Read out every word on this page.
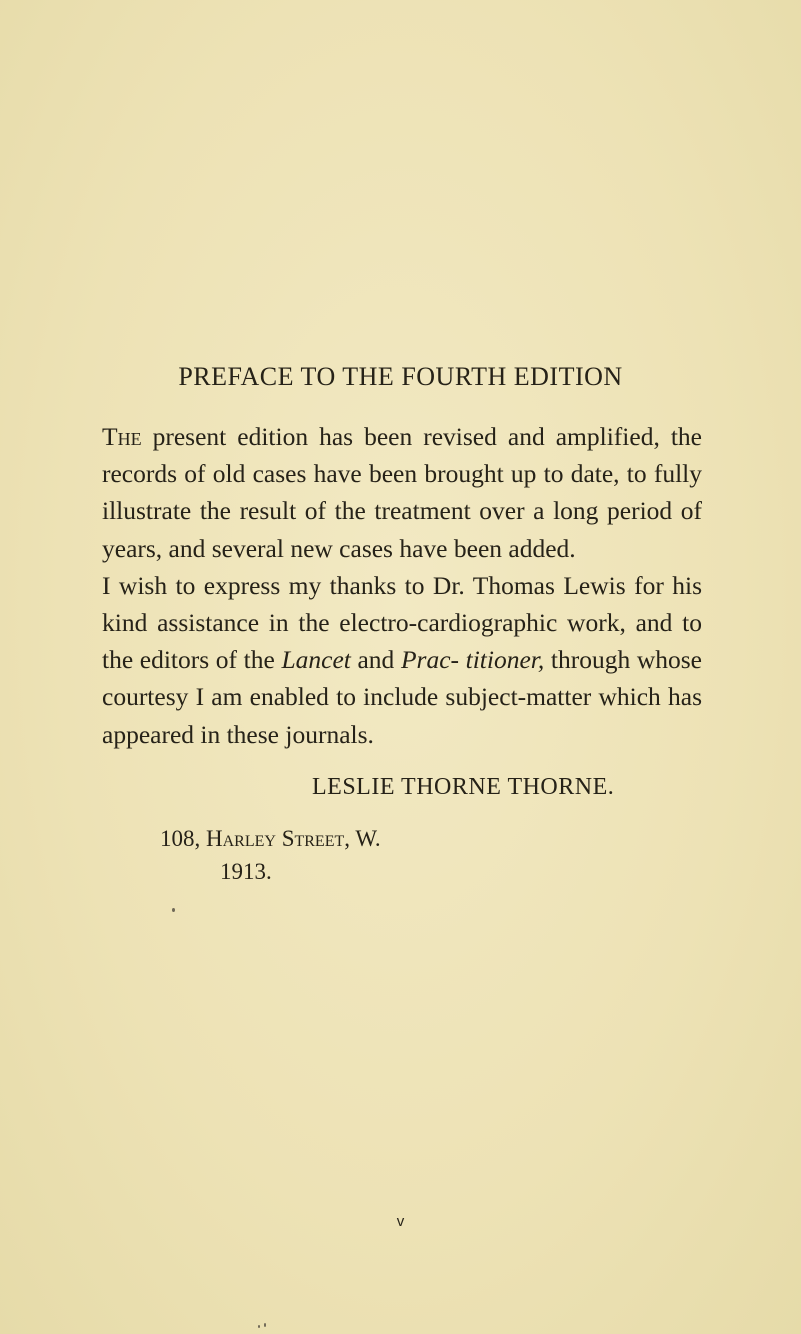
PREFACE TO THE FOURTH EDITION

The present edition has been revised and amplified, the records of old cases have been brought up to date, to fully illustrate the result of the treatment over a long period of years, and several new cases have been added.

I wish to express my thanks to Dr. Thomas Lewis for his kind assistance in the electro-cardiographic work, and to the editors of the Lancet and Prac- titioner, through whose courtesy I am enabled to include subject-matter which has appeared in these journals.

LESLIE THORNE THORNE.

108, Harley Street, W.

1913.

v
